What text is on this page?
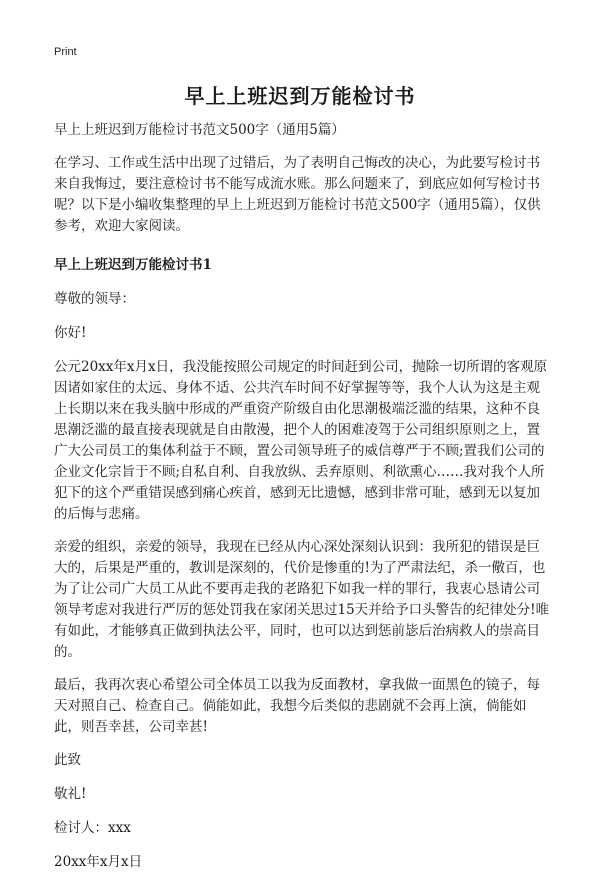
Print
早上上班迟到万能检讨书

早上上班迟到万能检讨书范文500字（通用5篇）

在学习、工作或生活中出现了过错后，为了表明自己悔改的决心，为此要写检讨书来自我悔过，要注意检讨书不能写成流水账。那么问题来了，到底应如何写检讨书呢？以下是小编收集整理的早上上班迟到万能检讨书范文500字（通用5篇），仅供参考，欢迎大家阅读。

早上上班迟到万能检讨书1

尊敬的领导：

你好!

公元20xx年x月x日，我没能按照公司规定的时间赶到公司，抛除一切所谓的客观原因诸如家住的太远、身体不适、公共汽车时间不好掌握等等，我个人认为这是主观上长期以来在我头脑中形成的严重资产阶级自由化思潮极端泛滥的结果，这种不良思潮泛滥的最直接表现就是自由散漫，把个人的困难凌驾于公司组织原则之上，置广大公司员工的集体利益于不顾，置公司领导班子的威信尊严于不顾;置我们公司的企业文化宗旨于不顾;自私自利、自我放纵、丢弃原则、利欲熏心……我对我个人所犯下的这个严重错误感到痛心疾首，感到无比遗憾，感到非常可耻，感到无以复加的后悔与悲痛。

亲爱的组织，亲爱的领导，我现在已经从内心深处深刻认识到：我所犯的错误是巨大的，后果是严重的，教训是深刻的，代价是惨重的!为了严肃法纪，杀一儆百，也为了让公司广大员工从此不要再走我的老路犯下如我一样的罪行，我衷心恳请公司领导考虑对我进行严厉的惩处罚我在家闭关思过15天并给予口头警告的纪律处分!唯有如此，才能够真正做到执法公平，同时，也可以达到惩前毖后治病救人的崇高目的。

最后，我再次衷心希望公司全体员工以我为反面教材，拿我做一面黑色的镜子，每天对照自己、检查自己。倘能如此，我想今后类似的悲剧就不会再上演，倘能如此，则吾幸甚，公司幸甚!

此致

敬礼!

检讨人：xxx

20xx年x月x日
